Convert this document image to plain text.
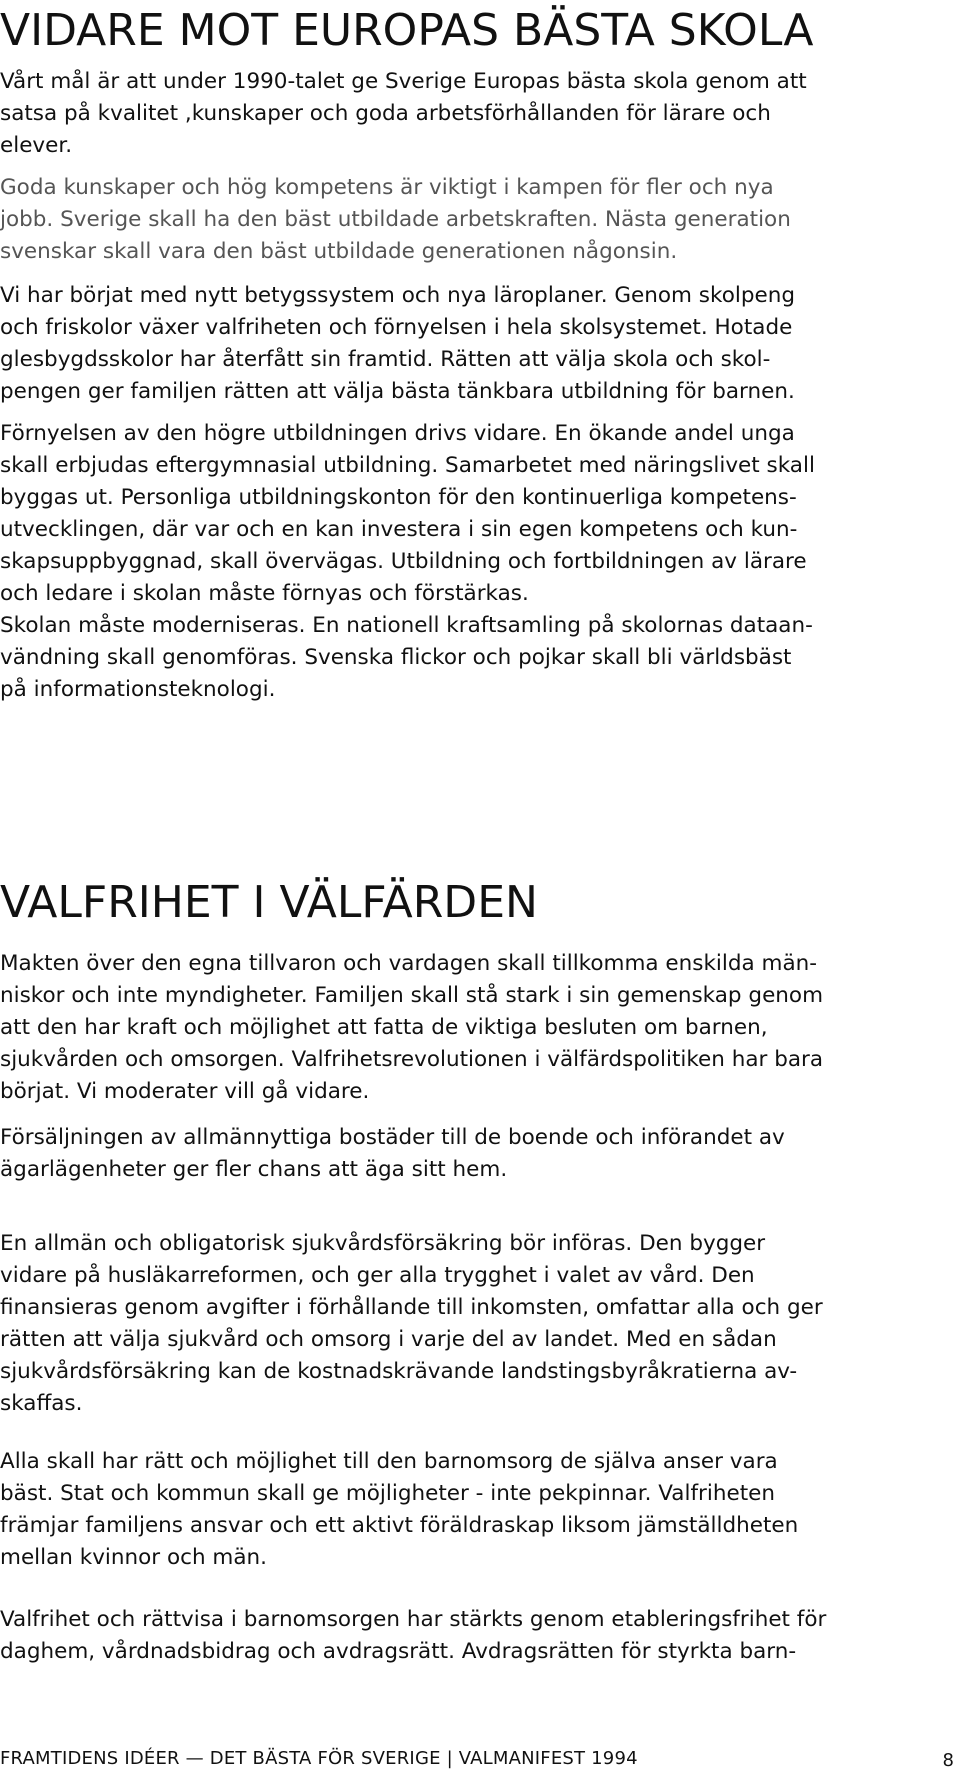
VIDARE MOT EUROPAS BÄSTA SKOLA

Vårt mål är att under 1990-talet ge Sverige Europas bästa skola genom att
satsa på kvalitet ,kunskaper och goda arbetsförhållanden för lärare och
elever.

Goda kunskaper och hög kompetens är viktigt i kampen för fler och nya
jobb. Sverige skall ha den bäst utbildade arbetskraften. Nästa generation
svenskar skall vara den bäst utbildade generationen någonsin.

Vi har börjat med nytt betygssystem och nya läroplaner. Genom skolpeng
och friskolor växer valfriheten och förnyelsen i hela skolsystemet. Hotade
glesbygdsskolor har återfått sin framtid. Rätten att välja skola och skol-
pengen ger familjen rätten att välja bästa tänkbara utbildning för barnen.

Förnyelsen av den högre utbildningen drivs vidare. En ökande andel unga
skall erbjudas eftergymnasial utbildning. Samarbetet med näringslivet skall
byggas ut. Personliga utbildningskonton för den kontinuerliga kompetens-
utvecklingen, där var och en kan investera i sin egen kompetens och kun-
skapsuppbyggnad, skall övervägas. Utbildning och fortbildningen av lärare
och ledare i skolan måste förnyas och förstärkas.

Skolan måste moderniseras. En nationell kraftsamling på skolornas dataan-
vändning skall genomföras. Svenska flickor och pojkar skall bli världsbäst
på informationsteknologi.

VALFRIHET I VÄLFÄRDEN

Makten över den egna tillvaron och vardagen skall tillkomma enskilda män-
niskor och inte myndigheter. Familjen skall stå stark i sin gemenskap genom
att den har kraft och möjlighet att fatta de viktiga besluten om barnen,
sjukvården och omsorgen. Valfrihetsrevolutionen i välfärdspolitiken har bara
börjat. Vi moderater vill gå vidare.

Försäljningen av allmännyttiga bostäder till de boende och införandet av
ägarlägenheter ger fler chans att äga sitt hem.

En allmän och obligatorisk sjukvårdsförsäkring bör införas. Den bygger
vidare på husläkarreformen, och ger alla trygghet i valet av vård. Den
finansieras genom avgifter i förhållande till inkomsten, omfattar alla och ger
rätten att välja sjukvård och omsorg i varje del av landet. Med en sådan
sjukvårdsförsäkring kan de kostnadskrävande landstingsbyråkratierna av-
skaffas.

Alla skall har rätt och möjlighet till den barnomsorg de själva anser vara
bäst. Stat och kommun skall ge möjligheter - inte pekpinnar. Valfriheten
främjar familjens ansvar och ett aktivt föräldraskap liksom jämställdheten
mellan kvinnor och män.

Valfrihet och rättvisa i barnomsorgen har stärkts genom etableringsfrihet för
daghem, vårdnadsbidrag och avdragsrätt. Avdragsrätten för styrkta barn-

FRAMTIDENS IDÉER — DET BÄSTA FÖR SVERIGE | VALMANIFEST 1994	8
